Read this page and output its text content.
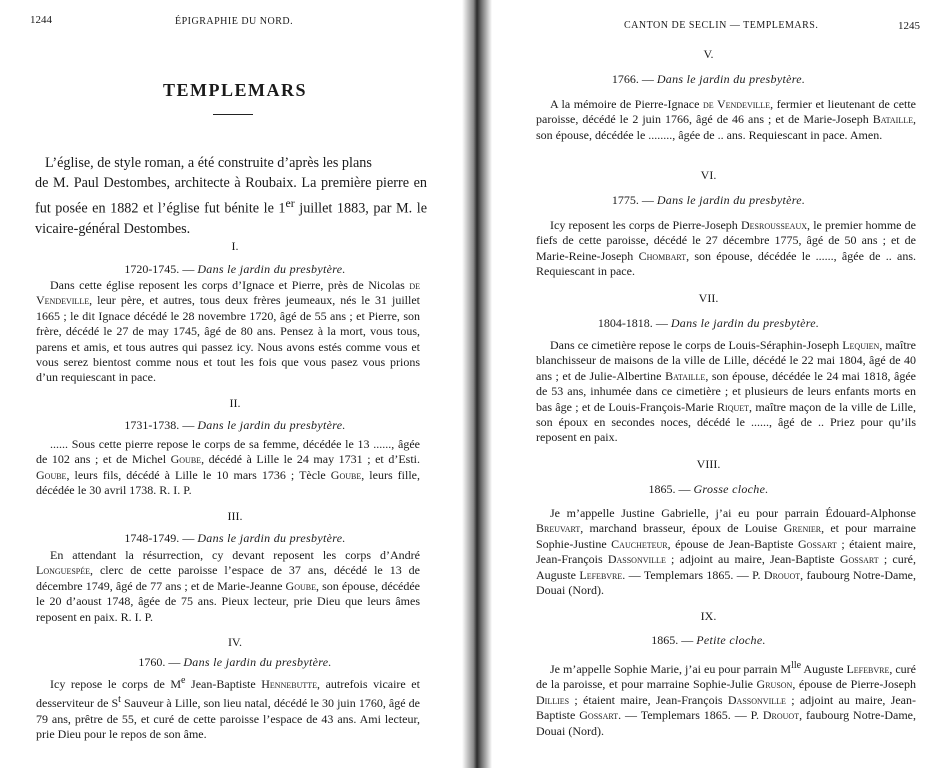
1244	ÉPIGRAPHIE DU NORD.
TEMPLEMARS

L’église, de style roman, a été construite d’après les plans
de M. Paul Destombes, architecte à Roubaix. La première pierre en fut posée en 1882 et l’église fut bénite le 1er juillet 1883, par M. le vicaire-général Destombes.

I.
1720-1745. — Dans le jardin du presbytère.

Dans cette église reposent les corps d’Ignace et Pierre, près de Nicolas de Vendeville, leur père, et autres, tous deux frères jeumeaux, nés le 31 juillet 1665 ; le dit Ignace décédé le 28 novembre 1720, âgé de 55 ans ; et Pierre, son frère, décédé le 27 de may 1745, âgé de 80 ans. Pensez à la mort, vous tous, parens et amis, et tous autres qui passez icy. Nous avons estés comme vous et vous serez bientost comme nous et tout les fois que vous pasez vous prions d’un requiescant in pace.

II.
1731-1738. — Dans le jardin du presbytère.

...... Sous cette pierre repose le corps de sa femme, décédée le 13 ......, âgée de 102 ans ; et de Michel Goube, décédé à Lille le 24 may 1731 ; et d’Esti. Goube, leurs fils, décédé à Lille le 10 mars 1736 ; Tècle Goube, leurs fille, décédée le 30 avril 1738. R. I. P.

III.
1748-1749. — Dans le jardin du presbytère.

En attendant la résurrection, cy devant reposent les corps d’André Longuespée, clerc de cette paroisse l’espace de 37 ans, décédé le 13 de décembre 1749, âgé de 77 ans ; et de Marie-Jeanne Goube, son épouse, décédée le 20 d’aoust 1748, âgée de 75 ans. Pieux lecteur, prie Dieu que leurs âmes reposent en paix. R. I. P.

IV.
1760. — Dans le jardin du presbytère.

Icy repose le corps de Me Jean-Baptiste Hennebutte, autrefois vicaire et desserviteur de $S^t$ Sauveur à Lille, son lieu natal, décédé le 30 juin 1760, âgé de 79 ans, prêtre de 55, et curé de cette paroisse l’espace de 43 ans. Ami lecteur, prie Dieu pour le repos de son âme.

CANTON DE SECLIN — TEMPLEMARS.	1245
V.
1766. — Dans le jardin du presbytère.

A la mémoire de Pierre-Ignace de Vendeville, fermier et lieutenant de cette paroisse, décédé le 2 juin 1766, âgé de 46 ans ; et de Marie-Joseph Bataille, son épouse, décédée le ........, âgée de .. ans. Requiescant in pace. Amen.

VI.
1775. — Dans le jardin du presbytère.

Icy reposent les corps de Pierre-Joseph Desrousseaux, le premier homme de fiefs de cette paroisse, décédé le 27 décembre 1775, âgé de 50 ans ; et de Marie-Reine-Joseph Chombart, son épouse, décédée le ......, âgée de .. ans. Requiescant in pace.

VII.
1804-1818. — Dans le jardin du presbytère.

Dans ce cimetière repose le corps de Louis-Séraphin-Joseph Lequien, maître blanchisseur de maisons de la ville de Lille, décédé le 22 mai 1804, âgé de 40 ans ; et de Julie-Albertine Bataille, son épouse, décédée le 24 mai 1818, âgée de 53 ans, inhumée dans ce cimetière ; et plusieurs de leurs enfants morts en bas âge ; et de Louis-François-Marie Riquet, maître maçon de la ville de Lille, son époux en secondes noces, décédé le ......, âgé de .. Priez pour qu’ils reposent en paix.

VIII.
1865. — Grosse cloche.

Je m’appelle Justine Gabrielle, j’ai eu pour parrain Édouard-Alphonse Breuvart, marchand brasseur, époux de Louise Grenier, et pour marraine Sophie-Justine Caucheteur, épouse de Jean-Baptiste Gossart ; étaient maire, Jean-François Dassonville ; adjoint au maire, Jean-Baptiste Gossart ; curé, Auguste Lefebvre. — Templemars 1865. — P. Drouot, faubourg Notre-Dame, Douai (Nord).

IX.
1865. — Petite cloche.

Je m’appelle Sophie Marie, j’ai eu pour parrain $M^{lle}$ Auguste Lefebvre, curé de la paroisse, et pour marraine Sophie-Julie Gruson, épouse de Pierre-Joseph Dillies ; étaient maire, Jean-François Dassonville ; adjoint au maire, Jean-Baptiste Gossart. — Templemars 1865. — P. Drouot, faubourg Notre-Dame, Douai (Nord).
